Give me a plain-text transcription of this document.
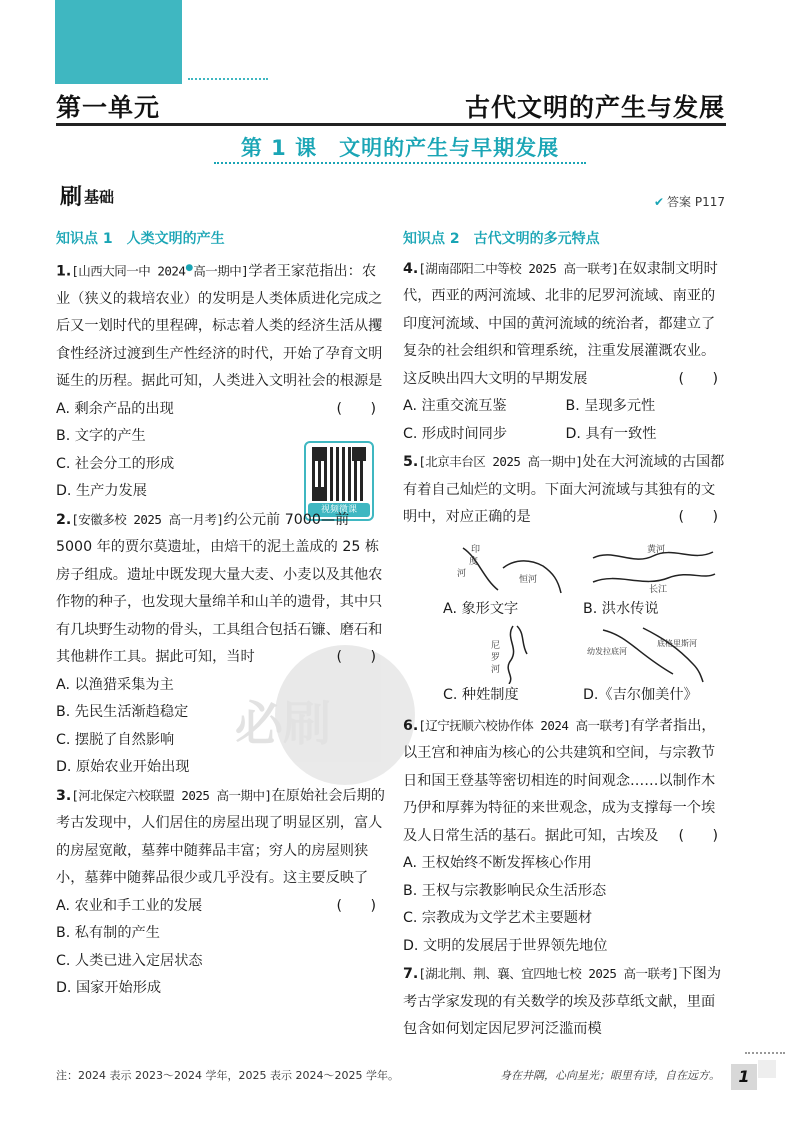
第一单元	古代文明的产生与发展
第 1 课　文明的产生与早期发展
刷 基础	✔ 答案 P117
必刷
知识点 1　人类文明的产生
1.[山西大同一中 2024●高一期中]学者王家范指出：农业（狭义的栽培农业）的发明是人类体质进化完成之后又一划时代的里程碑，标志着人类的经济生活从攫食性经济过渡到生产性经济的时代，开始了孕育文明诞生的历程。据此可知，人类进入文明社会的根源是
(　　)
A. 剩余产品的出现
B. 文字的产生
C. 社会分工的形成
D. 生产力发展
视频微课
2.[安徽多校 2025 高一月考]约公元前 7000—前 5000 年的贾尔莫遗址，由焙干的泥土盖成的 25 栋房子组成。遗址中既发现大量大麦、小麦以及其他农作物的种子，也发现大量绵羊和山羊的遗骨，其中只有几块野生动物的骨头，工具组合包括石镰、磨石和其他耕作工具。据此可知，当时	(　　)
A. 以渔猎采集为主
B. 先民生活渐趋稳定
C. 摆脱了自然影响
D. 原始农业开始出现
3.[河北保定六校联盟 2025 高一期中]在原始社会后期的考古发现中，人们居住的房屋出现了明显区别，富人的房屋宽敞，墓葬中随葬品丰富；穷人的房屋则狭小，墓葬中随葬品很少或几乎没有。这主要反映了
(　　)
A. 农业和手工业的发展
B. 私有制的产生
C. 人类已进入定居状态
D. 国家开始形成
知识点 2　古代文明的多元特点
4.[湖南邵阳二中等校 2025 高一联考]在奴隶制文明时代，西亚的两河流域、北非的尼罗河流域、南亚的印度河流域、中国的黄河流域的统治者，都建立了复杂的社会组织和管理系统，注重发展灌溉农业。这反映出四大文明的早期发展	(　　)
A. 注重交流互鉴	B. 呈现多元性
C. 形成时间同步	D. 具有一致性
5.[北京丰台区 2025 高一期中]处在大河流域的古国都有着自己灿烂的文明。下面大河流域与其独有的文明中，对应正确的是	(　　)
印
度
河
恒河
A. 象形文字
黄河
长江
B. 洪水传说
尼
罗
河
C. 种姓制度
幼发拉底河
底格里斯河
D.《吉尔伽美什》
6.[辽宁抚顺六校协作体 2024 高一联考]有学者指出，以王宫和神庙为核心的公共建筑和空间，与宗教节日和国王登基等密切相连的时间观念……以制作木乃伊和厚葬为特征的来世观念，成为支撑每一个埃及人日常生活的基石。据此可知，古埃及 (　　)
A. 王权始终不断发挥核心作用
B. 王权与宗教影响民众生活形态
C. 宗教成为文学艺术主要题材
D. 文明的发展居于世界领先地位
7.[湖北荆、荆、襄、宜四地七校 2025 高一联考]下图为考古学家发现的有关数学的埃及莎草纸文献，里面包含如何划定因尼罗河泛滥而模
注：2024 表示 2023～2024 学年，2025 表示 2024～2025 学年。	身在井隅，心向星光；眼里有诗，自在远方。	1
